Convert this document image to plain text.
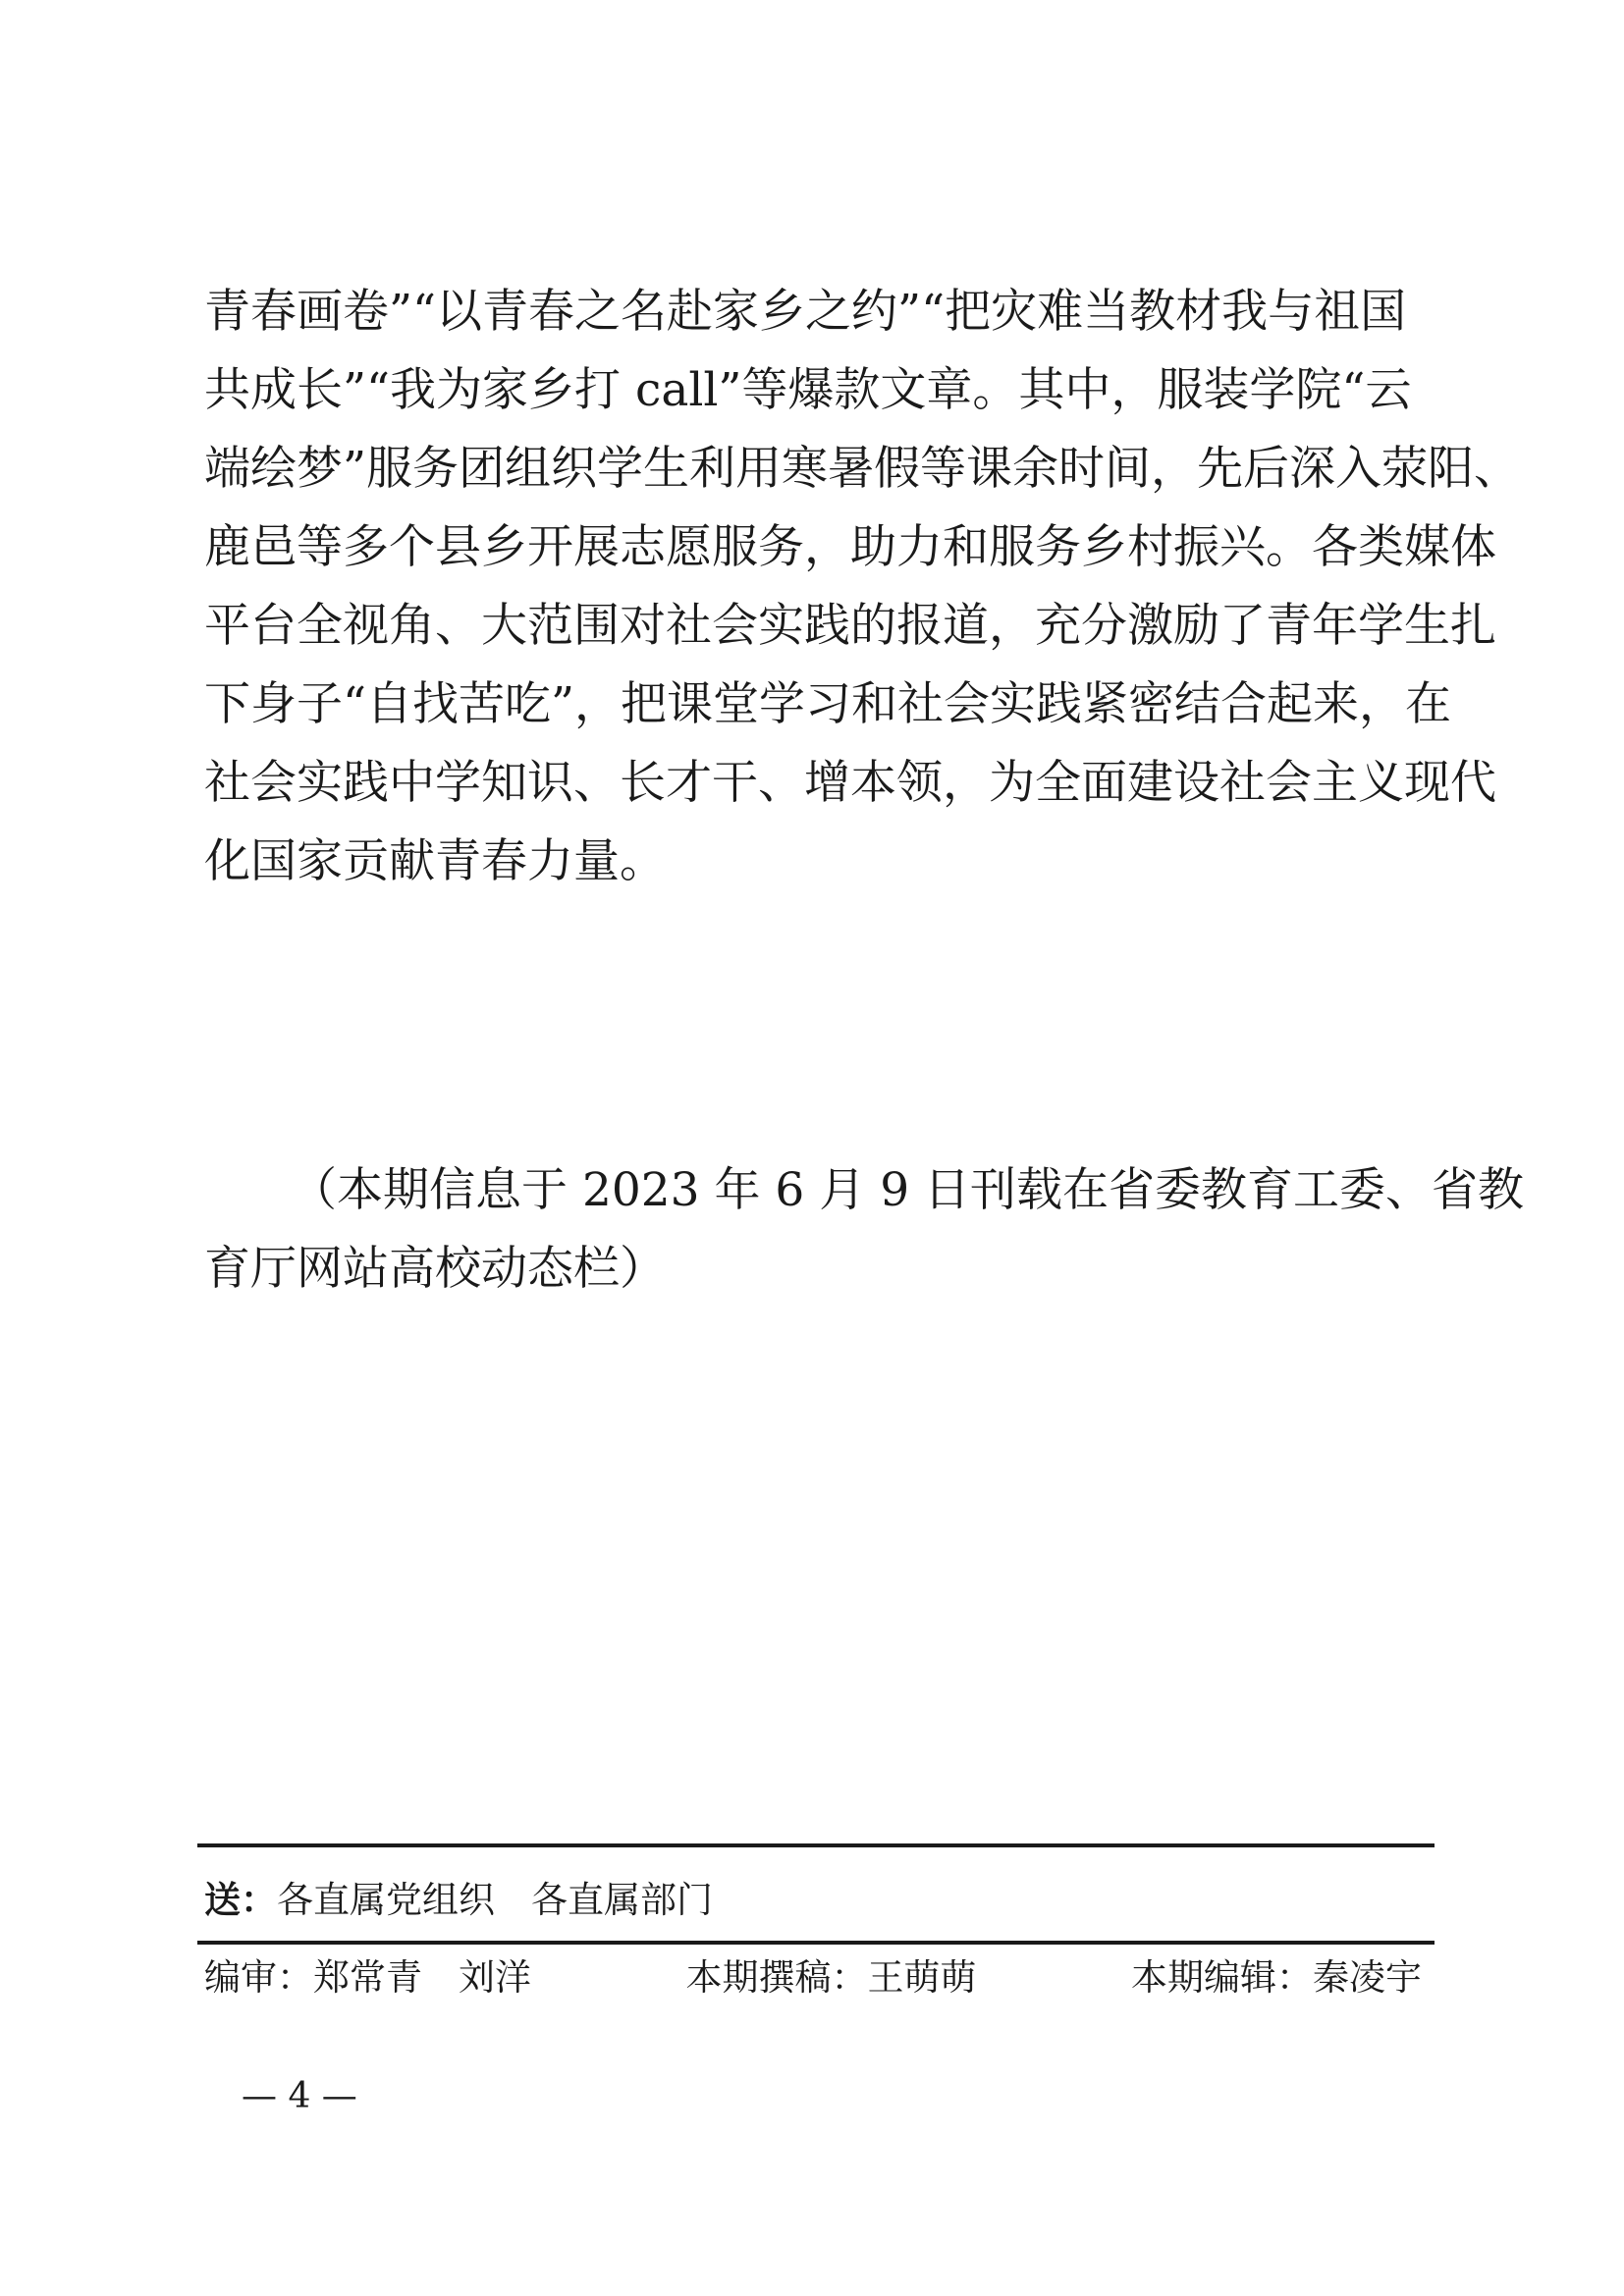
青春画卷”“以青春之名赴家乡之约”“把灾难当教材我与祖国
共成长”“我为家乡打 call”等爆款文章。其中，服装学院“云
端绘梦”服务团组织学生利用寒暑假等课余时间，先后深入荥阳、
鹿邑等多个县乡开展志愿服务，助力和服务乡村振兴。各类媒体
平台全视角、大范围对社会实践的报道，充分激励了青年学生扎
下身子“自找苦吃”，把课堂学习和社会实践紧密结合起来，在
社会实践中学知识、长才干、增本领，为全面建设社会主义现代
化国家贡献青春力量。
（本期信息于 2023 年 6 月 9 日刊载在省委教育工委、省教
育厅网站高校动态栏）
送：各直属党组织　各直属部门
编审：郑常青　刘洋	本期撰稿：王萌萌	本期编辑：秦凌宇
— 4 —
